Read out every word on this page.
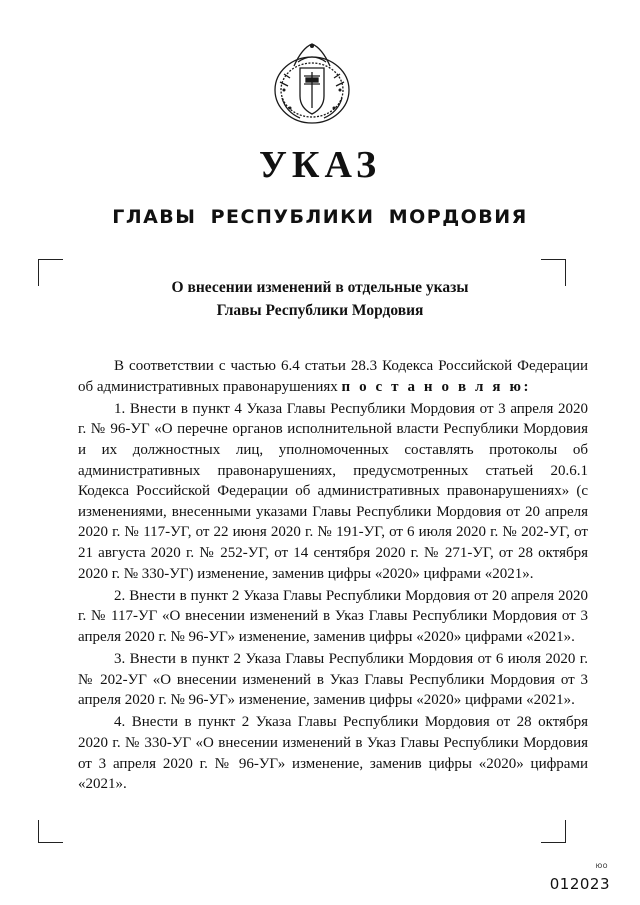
УКАЗ
ГЛАВЫ РЕСПУБЛИКИ МОРДОВИЯ
О внесении изменений в отдельные указы
Главы Республики Мордовия

В соответствии с частью 6.4 статьи 28.3 Кодекса Российской Федерации об административных правонарушениях п о с т а н о в л я ю:

1. Внести в пункт 4 Указа Главы Республики Мордовия от 3 апреля 2020 г. № 96-УГ «О перечне органов исполнительной власти Республики Мордовия и их должностных лиц, уполномоченных составлять протоколы об административных правонарушениях, предусмотренных статьей 20.6.1 Кодекса Российской Федерации об административных правонарушениях» (с изменениями, внесенными указами Главы Республики Мордовия от 20 апреля 2020 г. № 117-УГ, от 22 июня 2020 г. № 191-УГ, от 6 июля 2020 г. № 202-УГ, от 21 августа 2020 г. № 252-УГ, от 14 сентября 2020 г. № 271-УГ, от 28 октября 2020 г. № 330-УГ) изменение, заменив цифры «2020» цифрами «2021».

2. Внести в пункт 2 Указа Главы Республики Мордовия от 20 апреля 2020 г. № 117-УГ «О внесении изменений в Указ Главы Республики Мордовия от 3 апреля 2020 г. № 96-УГ» изменение, заменив цифры «2020» цифрами «2021».

3. Внести в пункт 2 Указа Главы Республики Мордовия от 6 июля 2020 г. № 202-УГ «О внесении изменений в Указ Главы Республики Мордовия от 3 апреля 2020 г. № 96-УГ» изменение, заменив цифры «2020» цифрами «2021».

4. Внести в пункт 2 Указа Главы Республики Мордовия от 28 октября 2020 г. № 330-УГ «О внесении изменений в Указ Главы Республики Мордовия от 3 апреля 2020 г. № 96-УГ» изменение, заменив цифры «2020» цифрами «2021».

ЮО
012023
